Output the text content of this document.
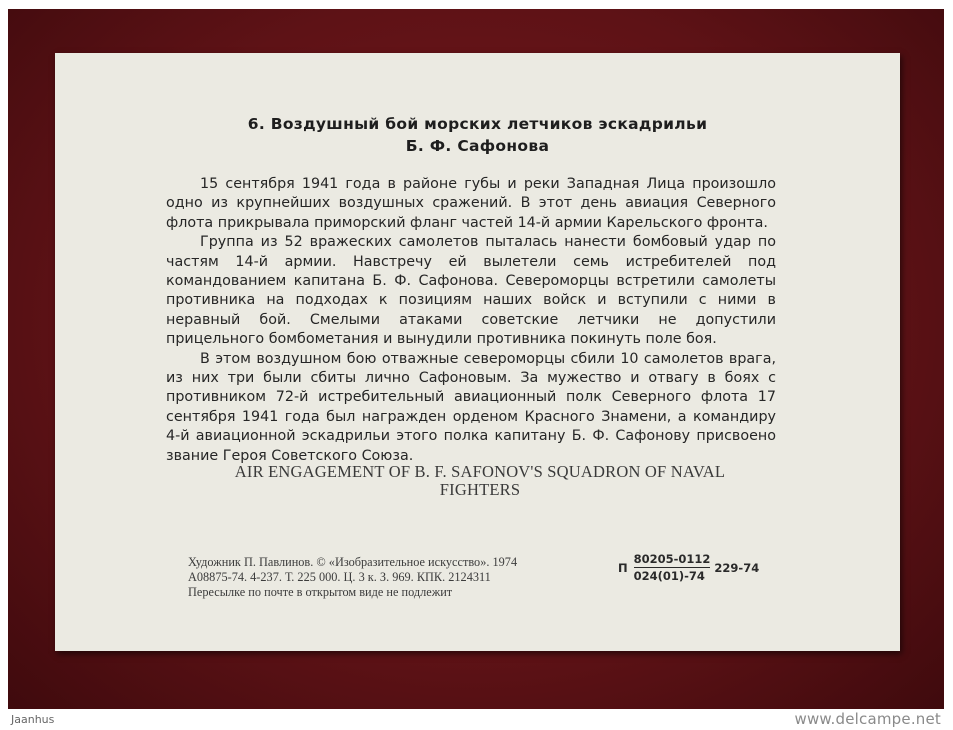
6. Воздушный бой морских летчиков эскадрильи
Б. Ф. Сафонова

15 сентября 1941 года в районе губы и реки Западная Лица произошло одно из крупнейших воздушных сражений. В этот день авиация Северного флота прикрывала приморский фланг частей 14-й армии Карельского фронта.

Группа из 52 вражеских самолетов пыталась нанести бомбовый удар по частям 14-й армии. Навстречу ей вылетели семь истребителей под командованием капитана Б. Ф. Сафонова. Североморцы встретили самолеты противника на подходах к позициям наших войск и вступили с ними в неравный бой. Смелыми атаками советские летчики не допустили прицельного бомбометания и вынудили противника покинуть поле боя.

В этом воздушном бою отважные североморцы сбили 10 самолетов врага, из них три были сбиты лично Сафоновым. За мужество и отвагу в боях с противником 72-й истребительный авиационный полк Северного флота 17 сентября 1941 года был награжден орденом Красного Знамени, а командиру 4-й авиационной эскадрильи этого полка капитану Б. Ф. Сафонову присвоено звание Героя Советского Союза.

AIR ENGAGEMENT OF B. F. SAFONOV'S SQUADRON OF NAVAL
FIGHTERS
Художник П. Павлинов. © «Изобразительное искусство». 1974
А08875-74. 4-237. Т. 225 000. Ц. 3 к. З. 969. КПК. 2124311
Пересылке по почте в открытом виде не подлежит
П $\frac{80205-0112}{024(01)-74} 229-74$
Jaanhus	www.delcampe.net
